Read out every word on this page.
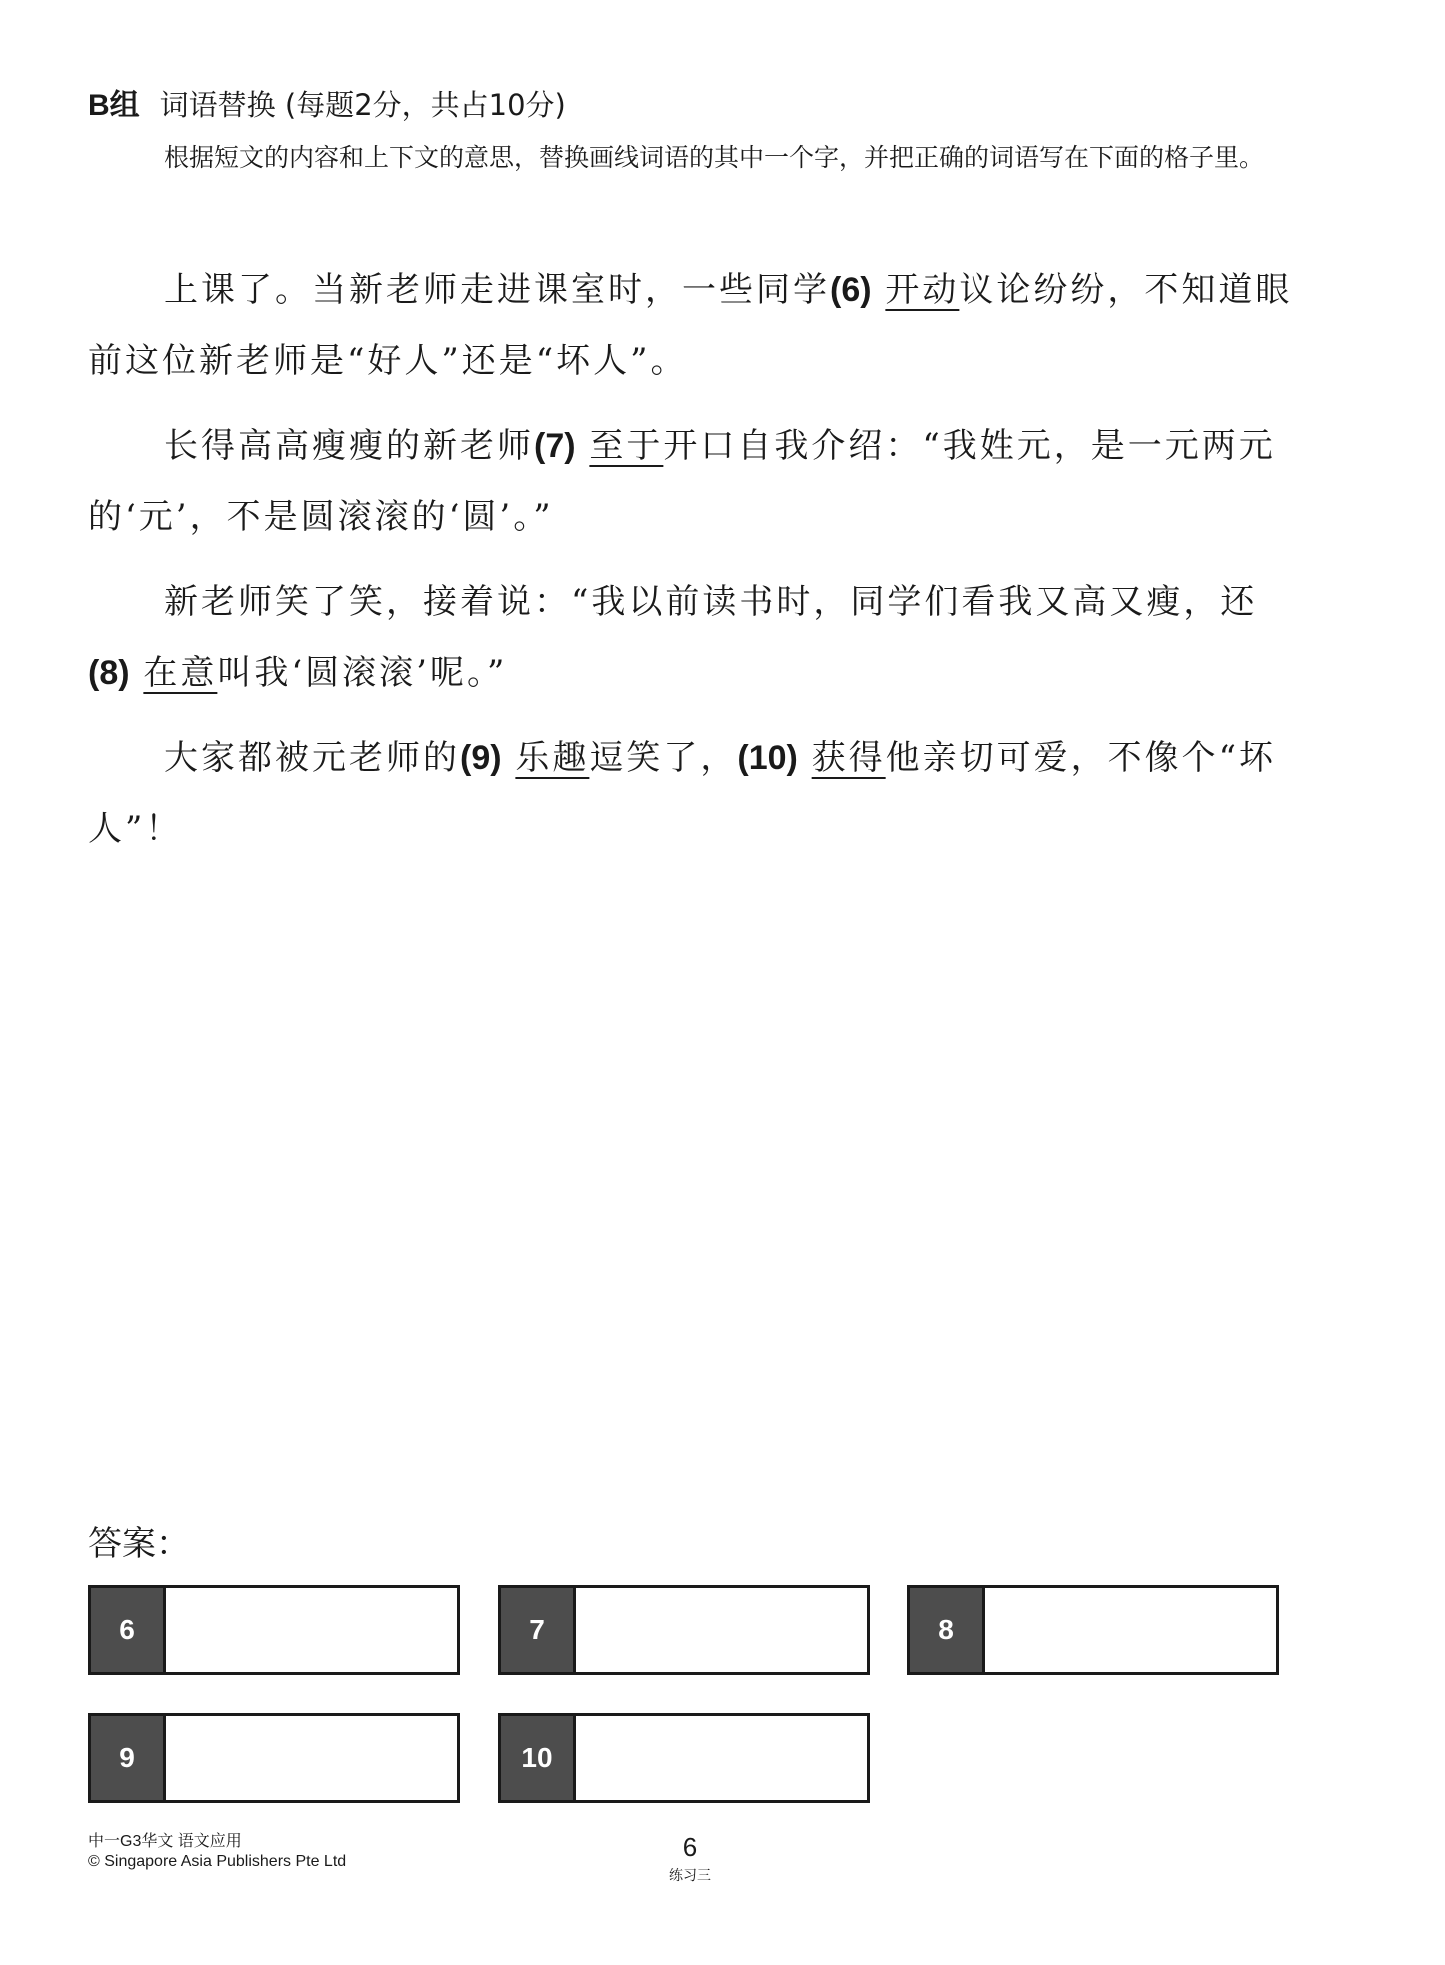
B组 词语替换 (每题2分，共占10分)
根据短文的内容和上下文的意思，替换画线词语的其中一个字，并把正确的词语写在下面的格子里。

上课了。当新老师走进课室时，一些同学(6) 开动议论纷纷，不知道眼前这位新老师是“好人”还是“坏人”。

长得高高瘦瘦的新老师(7) 至于开口自我介绍：“我姓元，是一元两元的‘元’，不是圆滚滚的‘圆’。”

新老师笑了笑，接着说：“我以前读书时，同学们看我又高又瘦，还(8) 在意叫我‘圆滚滚’呢。”

大家都被元老师的(9) 乐趣逗笑了，(10) 获得他亲切可爱，不像个“坏人”！

答案：
6	7	8
9	10
中一G3华文 语文应用
© Singapore Asia Publishers Pte Ltd	6
练习三
